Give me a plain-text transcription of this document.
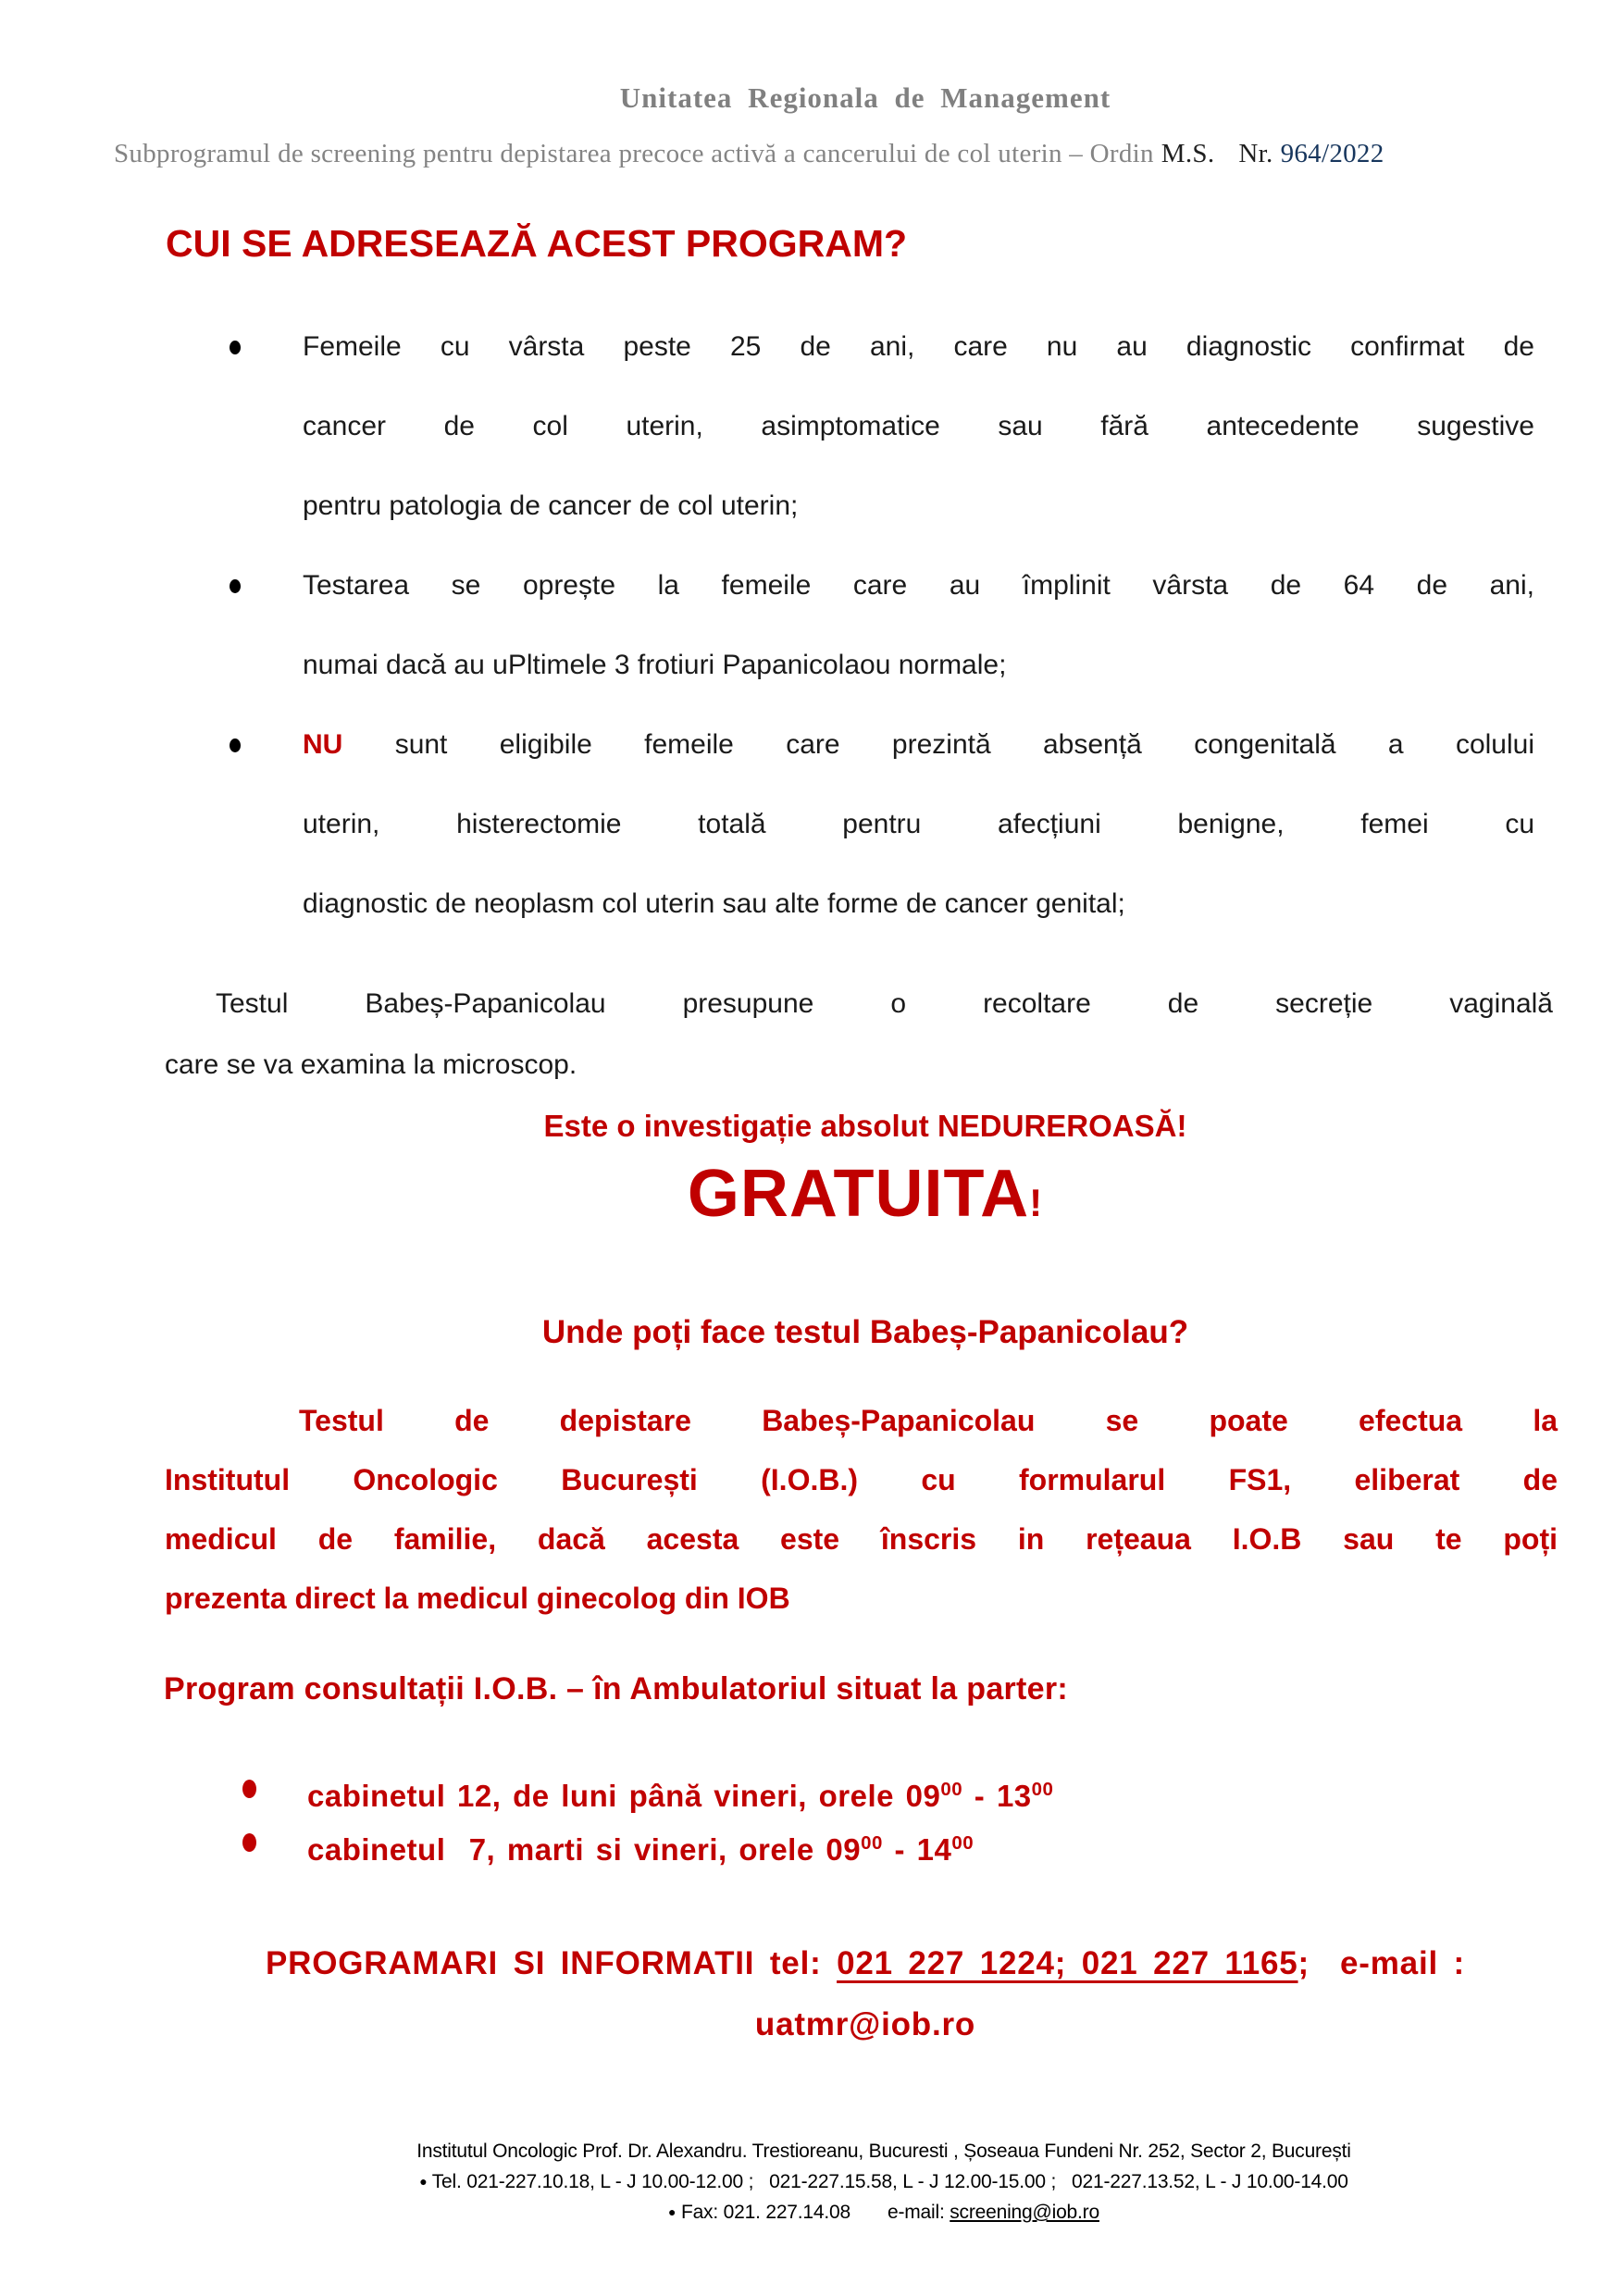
Unitatea Regionala de Management
Subprogramul de screening pentru depistarea precoce activă a cancerului de col uterin – Ordin M.S. Nr. 964/2022
CUI SE ADRESEAZĂ ACEST PROGRAM?
Femeile cu vârsta peste 25 de ani, care nu au diagnostic confirmat de
cancer de col uterin, asimptomatice sau fără antecedente sugestive
pentru patologia de cancer de col uterin;
Testarea se oprește la femeile care au împlinit vârsta de 64 de ani,
numai dacă au uPltimele 3 frotiuri Papanicolaou normale;
NU sunt eligibile femeile care prezintă absență congenitală a colului
uterin, histerectomie totală pentru afecțiuni benigne, femei cu
diagnostic de neoplasm col uterin sau alte forme de cancer genital;
Testul Babeș-Papanicolau presupune o recoltare de secreție vaginală
care se va examina la microscop.
Este o investigație absolut NEDUREROASĂ!
GRATUITA!
Unde poți face testul Babeș-Papanicolau?
Testul de depistare Babeș-Papanicolau se poate efectua la
Institutul Oncologic București (I.O.B.) cu formularul FS1, eliberat de
medicul de familie, dacă acesta este înscris in rețeaua I.O.B sau te poți
prezenta direct la medicul ginecolog din IOB
Program consultații I.O.B. – în Ambulatoriul situat la parter:
cabinetul 12, de luni până vineri, orele $09^{00} - 13^{00}$
cabinetul  7, marti si vineri, orele $09^{00} - 14^{00}$
PROGRAMARI SI INFORMATII tel: 021 227 1224; 021 227 1165;  e-mail :
uatmr@iob.ro
Institutul Oncologic Prof. Dr. Alexandru. Trestioreanu, Bucuresti , Șoseaua Fundeni Nr. 252, Sector 2, București
● Tel. 021-227.10.18, L - J 10.00-12.00 ;   021-227.15.58, L - J 12.00-15.00 ;   021-227.13.52, L - J 10.00-14.00
● Fax: 021. 227.14.08 e-mail: screening@iob.ro
